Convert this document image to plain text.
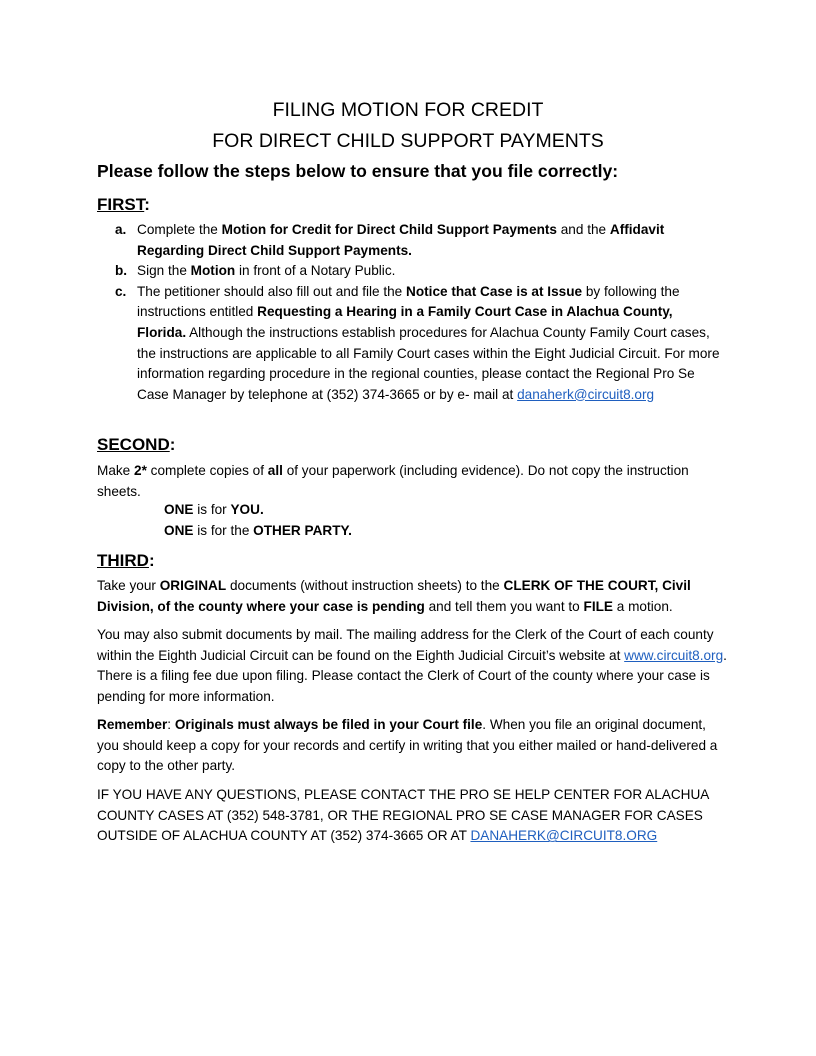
FILING MOTION FOR CREDIT
FOR DIRECT CHILD SUPPORT PAYMENTS
Please follow the steps below to ensure that you file correctly:
FIRST:
a. Complete the Motion for Credit for Direct Child Support Payments and the Affidavit Regarding Direct Child Support Payments.
b. Sign the Motion in front of a Notary Public.
c. The petitioner should also fill out and file the Notice that Case is at Issue by following the instructions entitled Requesting a Hearing in a Family Court Case in Alachua County, Florida. Although the instructions establish procedures for Alachua County Family Court cases, the instructions are applicable to all Family Court cases within the Eight Judicial Circuit. For more information regarding procedure in the regional counties, please contact the Regional Pro Se Case Manager by telephone at (352) 374-3665 or by e- mail at danaherk@circuit8.org
SECOND:
Make 2* complete copies of all of your paperwork (including evidence). Do not copy the instruction sheets.
ONE is for YOU.
ONE is for the OTHER PARTY.
THIRD:
Take your ORIGINAL documents (without instruction sheets) to the CLERK OF THE COURT, Civil Division, of the county where your case is pending and tell them you want to FILE a motion.
You may also submit documents by mail. The mailing address for the Clerk of the Court of each county within the Eighth Judicial Circuit can be found on the Eighth Judicial Circuit’s website at www.circuit8.org. There is a filing fee due upon filing. Please contact the Clerk of Court of the county where your case is pending for more information.
Remember: Originals must always be filed in your Court file. When you file an original document, you should keep a copy for your records and certify in writing that you either mailed or hand-delivered a copy to the other party.
IF YOU HAVE ANY QUESTIONS, PLEASE CONTACT THE PRO SE HELP CENTER FOR ALACHUA COUNTY CASES AT (352) 548-3781, OR THE REGIONAL PRO SE CASE MANAGER FOR CASES OUTSIDE OF ALACHUA COUNTY AT (352) 374-3665 OR AT DANAHERK@CIRCUIT8.ORG
